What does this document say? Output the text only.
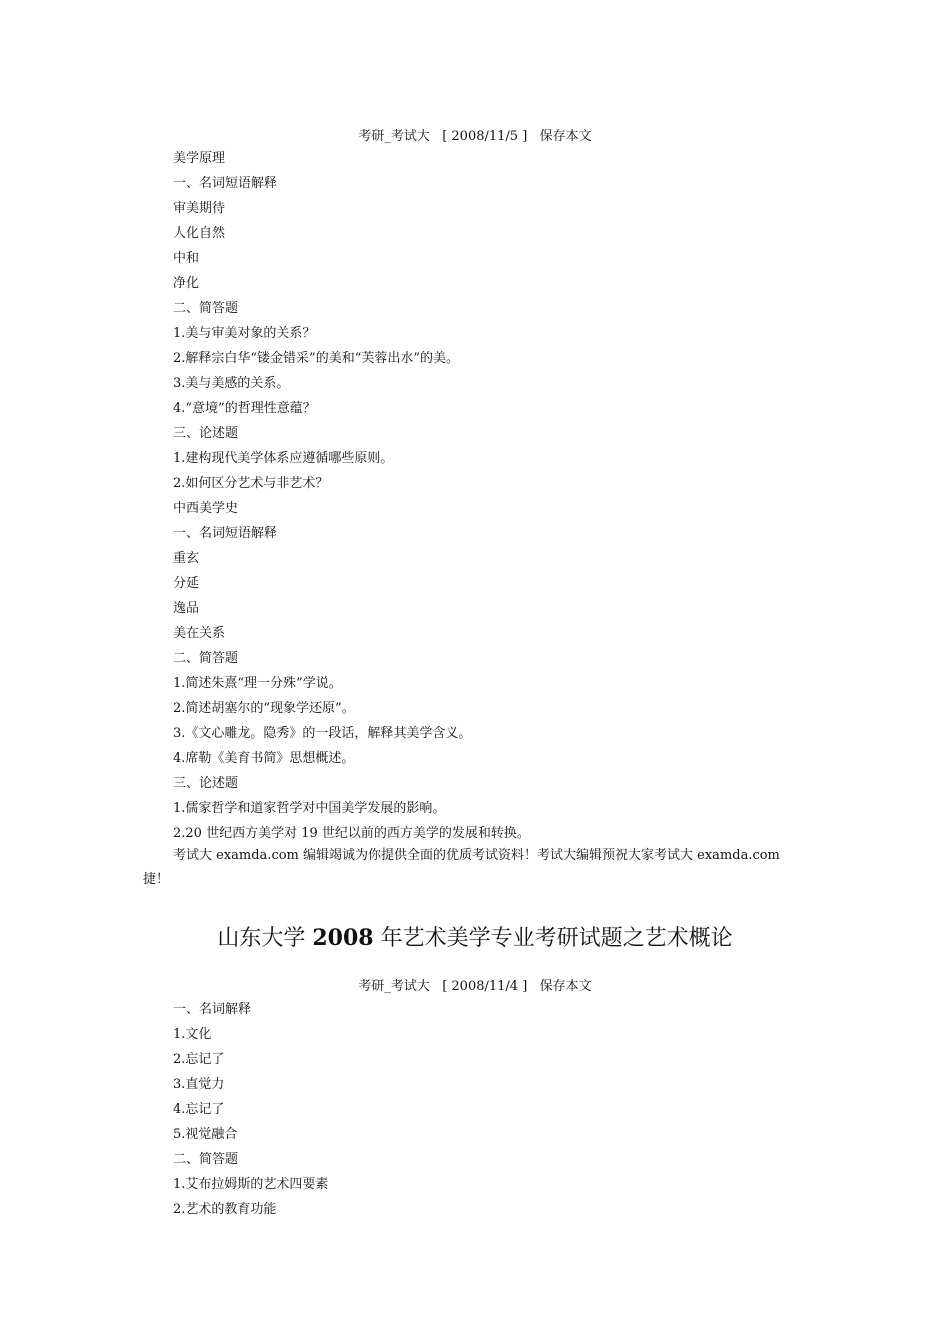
考研_考试大   [ 2008/11/5 ]   保存本文
美学原理
一、名词短语解释
审美期待
人化自然
中和
净化
二、简答题
1.美与审美对象的关系？
2.解释宗白华“镂金错采”的美和“芙蓉出水”的美。
3.美与美感的关系。
4.“意境”的哲理性意蕴？
三、论述题
1.建构现代美学体系应遵循哪些原则。
2.如何区分艺术与非艺术？
中西美学史
一、名词短语解释
重玄
分延
逸品
美在关系
二、简答题
1.简述朱熹“理一分殊”学说。
2.简述胡塞尔的“现象学还原”。
3.《文心雕龙。隐秀》的一段话，解释其美学含义。
4.席勒《美育书简》思想概述。
三、论述题
1.儒家哲学和道家哲学对中国美学发展的影响。
2.20 世纪西方美学对 19 世纪以前的西方美学的发展和转换。
考试大 examda.com 编辑竭诚为你提供全面的优质考试资料！考试大编辑预祝大家考试大 examda.com 捷！
山东大学 2008 年艺术美学专业考研试题之艺术概论
考研_考试大   [ 2008/11/4 ]   保存本文
一、名词解释
1.文化
2.忘记了
3.直觉力
4.忘记了
5.视觉融合
二、简答题
1.艾布拉姆斯的艺术四要素
2.艺术的教育功能
